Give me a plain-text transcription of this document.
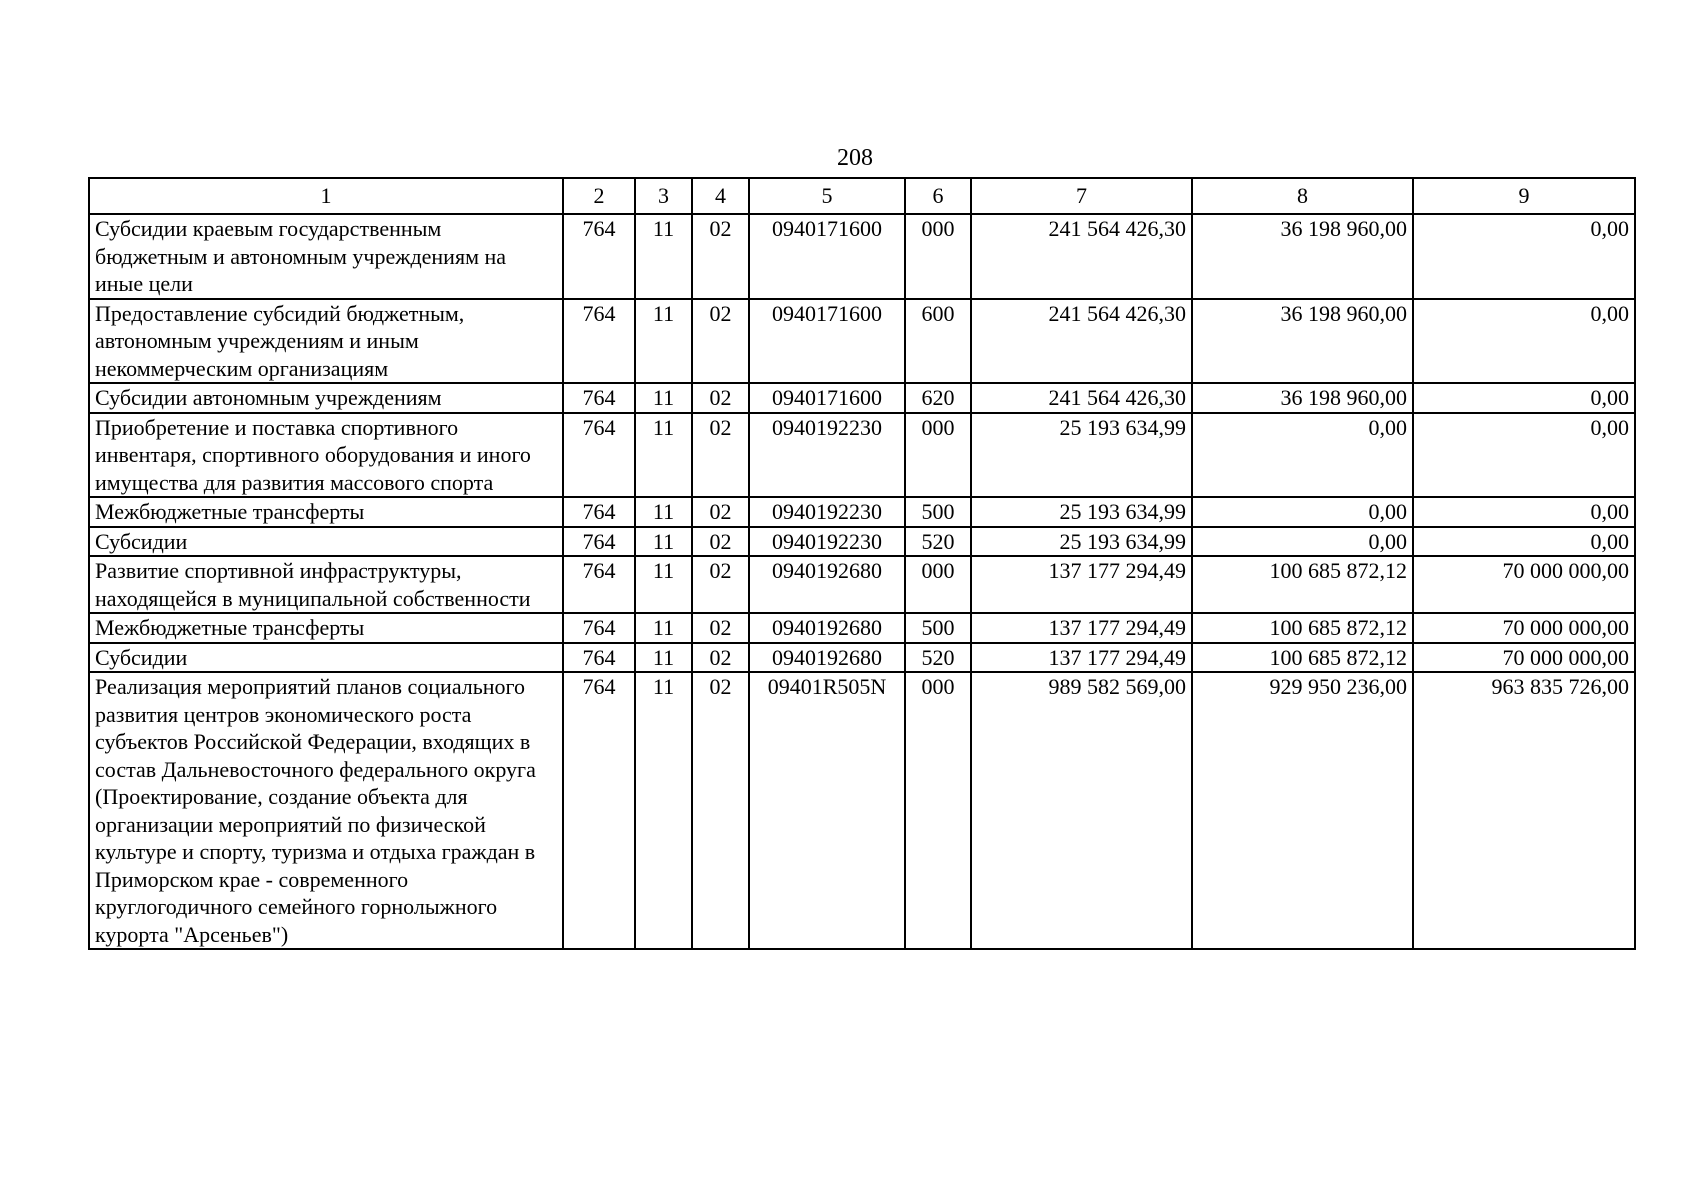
208
1	2	3	4	5	6	7	8	9
Субсидии краевым государственным бюджетным и автономным учреждениям на иные цели	764	11	02	0940171600	000	241 564 426,30	36 198 960,00	0,00
Предоставление субсидий бюджетным, автономным учреждениям и иным некоммерческим организациям	764	11	02	0940171600	600	241 564 426,30	36 198 960,00	0,00
Субсидии автономным учреждениям	764	11	02	0940171600	620	241 564 426,30	36 198 960,00	0,00
Приобретение и поставка спортивного инвентаря, спортивного оборудования и иного имущества для развития массового спорта	764	11	02	0940192230	000	25 193 634,99	0,00	0,00
Межбюджетные трансферты	764	11	02	0940192230	500	25 193 634,99	0,00	0,00
Субсидии	764	11	02	0940192230	520	25 193 634,99	0,00	0,00
Развитие спортивной инфраструктуры, находящейся в муниципальной собственности	764	11	02	0940192680	000	137 177 294,49	100 685 872,12	70 000 000,00
Межбюджетные трансферты	764	11	02	0940192680	500	137 177 294,49	100 685 872,12	70 000 000,00
Субсидии	764	11	02	0940192680	520	137 177 294,49	100 685 872,12	70 000 000,00
Реализация мероприятий планов социального развития центров экономического роста субъектов Российской Федерации, входящих в состав Дальневосточного федерального округа (Проектирование, создание объекта для организации мероприятий по физической культуре и спорту, туризма и отдыха граждан в Приморском крае - современного круглогодичного семейного горнолыжного курорта "Арсеньев")	764	11	02	09401R505N	000	989 582 569,00	929 950 236,00	963 835 726,00
